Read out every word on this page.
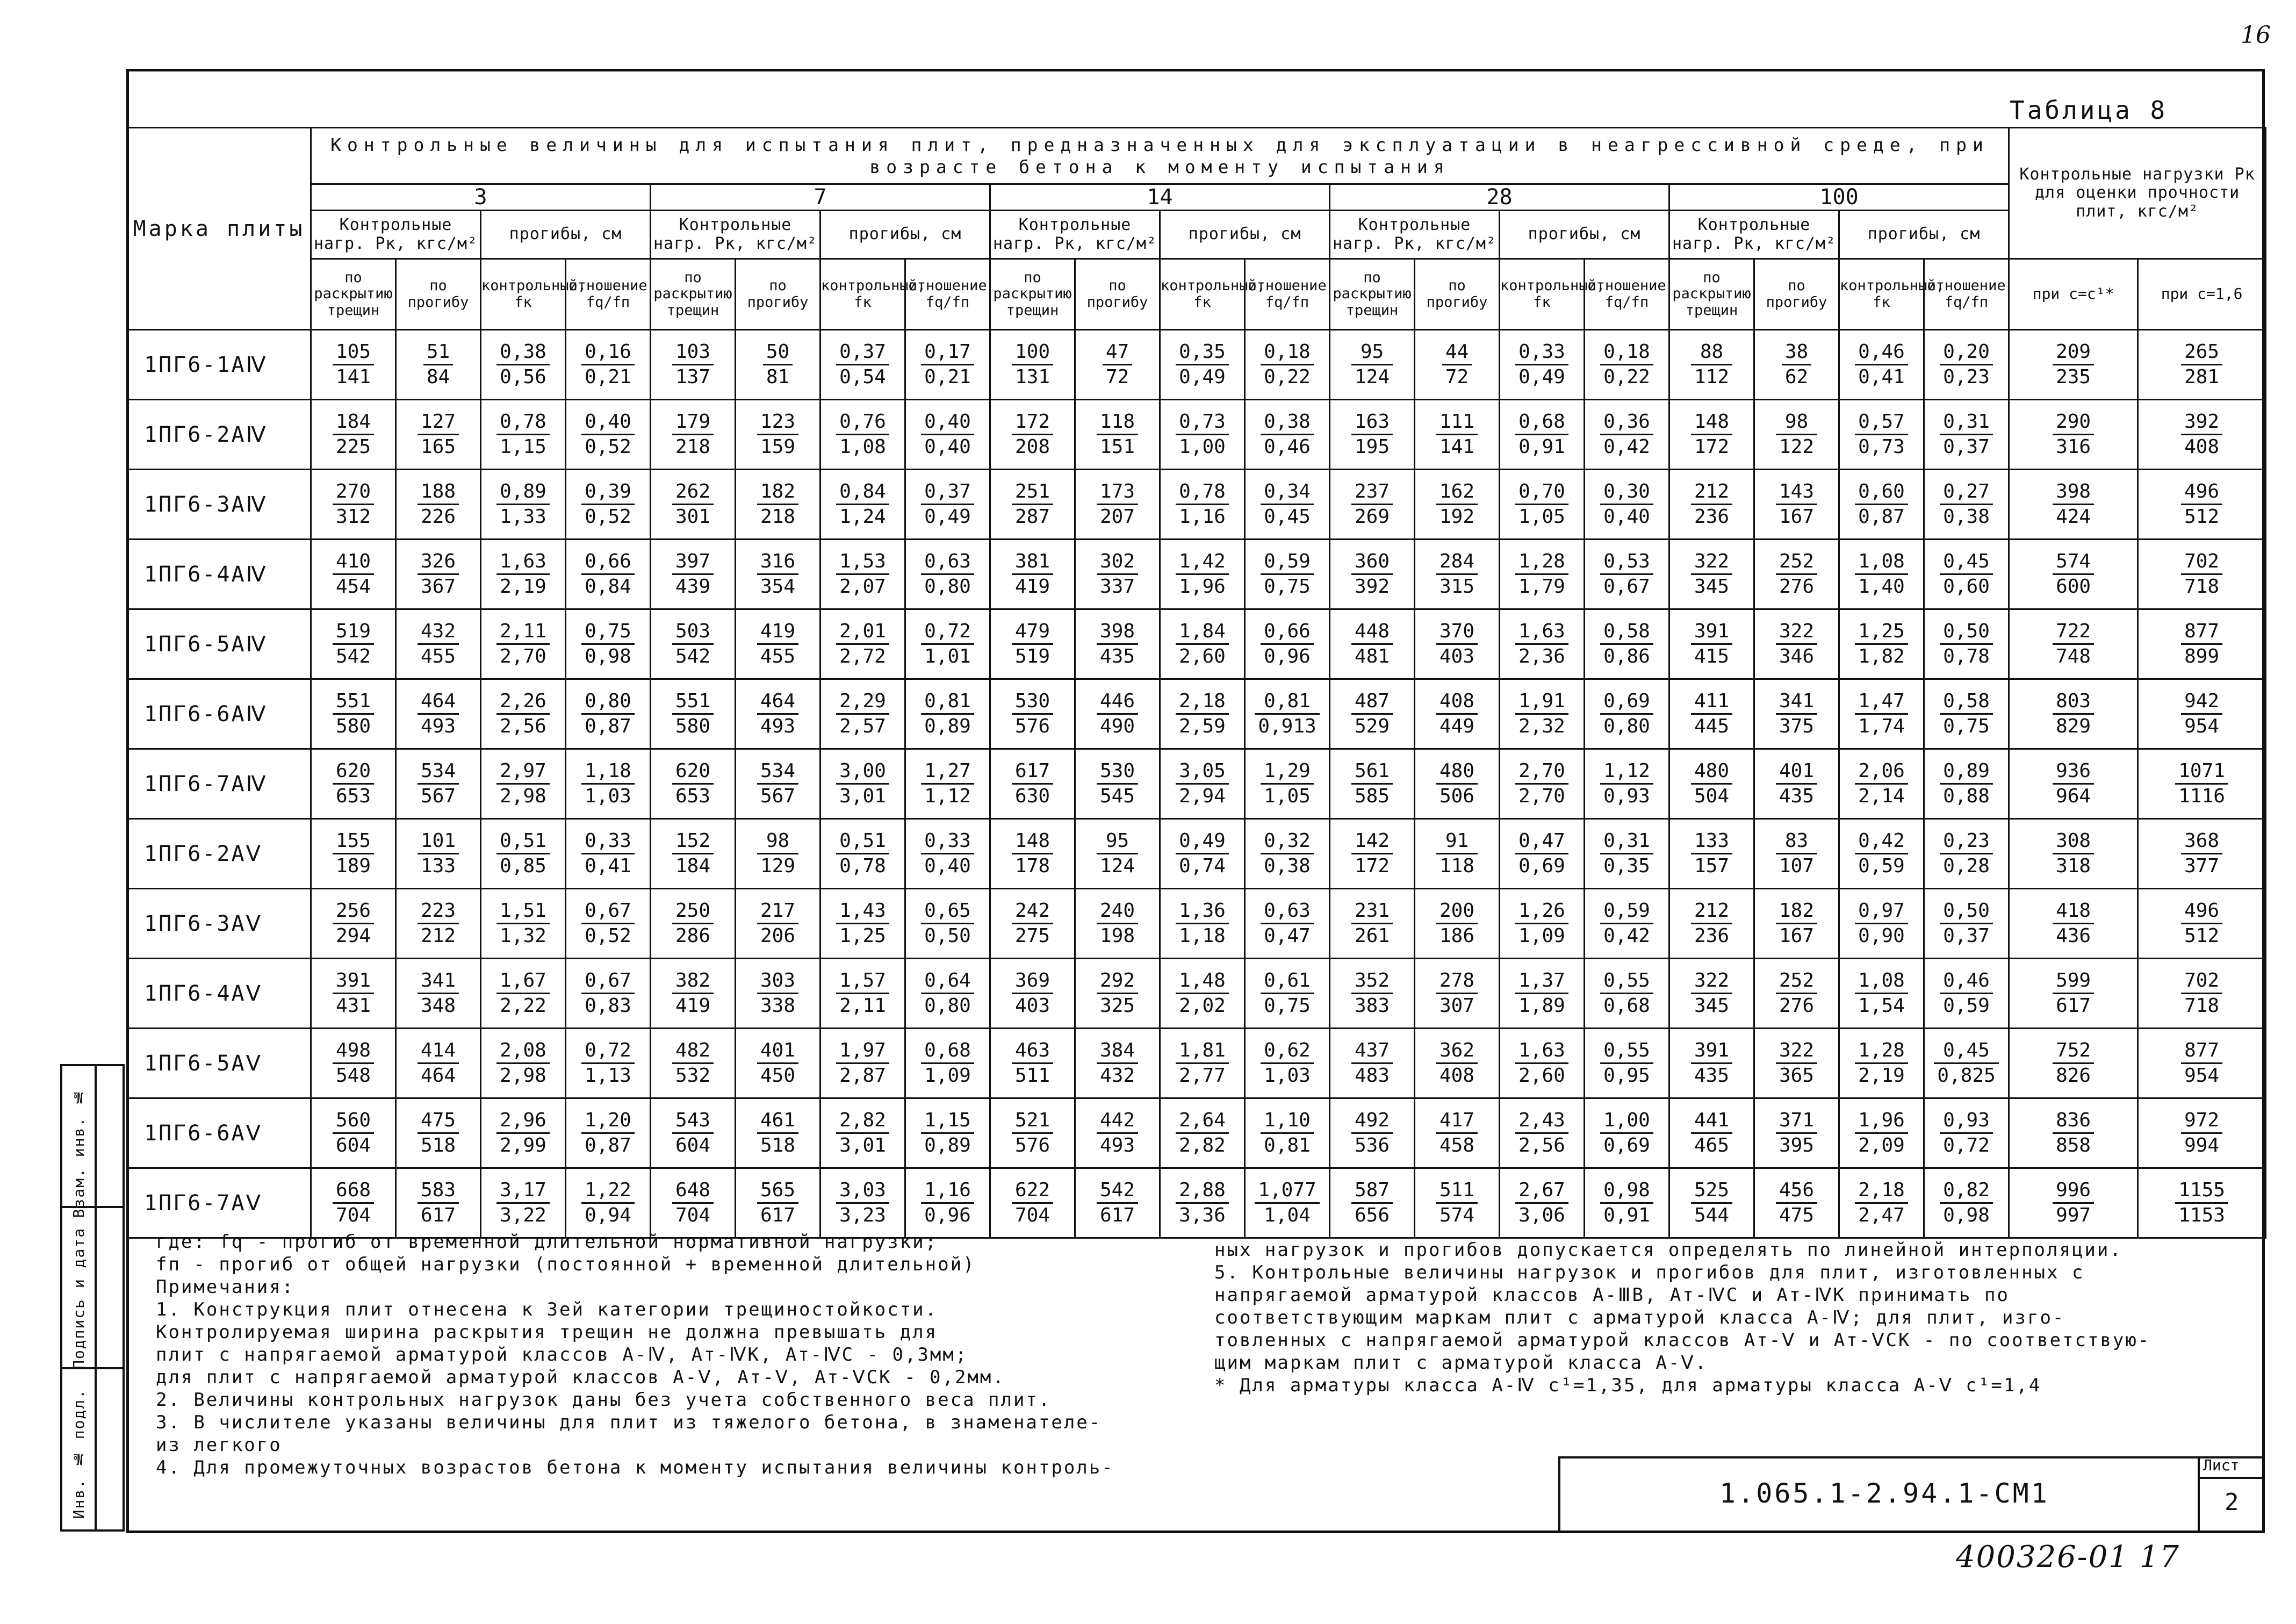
16
Таблица 8
Марка плиты	Контрольные величины для испытания плит, предназначенных для эксплуатации в неагрессивной среде, при возрасте бетона к моменту испытания																				Контрольные нагрузки Pк для оценки прочности плит, кгс/м²	
	3				7				14				28				100					
	Контрольные нагр. Pк, кгс/м²		прогибы, см		Контрольные нагр. Pк, кгс/м²		прогибы, см		Контрольные нагр. Pк, кгс/м²		прогибы, см		Контрольные нагр. Pк, кгс/м²		прогибы, см		Контрольные нагр. Pк, кгс/м²		прогибы, см			
	по раскрытию трещин	по прогибу	контрольный, fк	отношение fq/fп	по раскрытию трещин	по прогибу	контрольный, fк	отношение fq/fп	по раскрытию трещин	по прогибу	контрольный, fк	отношение fq/fп	по раскрытию трещин	по прогибу	контрольный, fк	отношение fq/fп	по раскрытию трещин	по прогибу	контрольный, fк	отношение fq/fп	при c=c¹*	при c=1,6
1ПГ6-1АⅣ	$\frac{105}{141}$	$\frac{51}{84}$	$\frac{0,38}{0,56}$	$\frac{0,16}{0,21}$	$\frac{103}{137}$	$\frac{50}{81}$	$\frac{0,37}{0,54}$	$\frac{0,17}{0,21}$	$\frac{100}{131}$	$\frac{47}{72}$	$\frac{0,35}{0,49}$	$\frac{0,18}{0,22}$	$\frac{95}{124}$	$\frac{44}{72}$	$\frac{0,33}{0,49}$	$\frac{0,18}{0,22}$	$\frac{88}{112}$	$\frac{38}{62}$	$\frac{0,46}{0,41}$	$\frac{0,20}{0,23}$	$\frac{209}{235}$	$\frac{265}{281}$

1ПГ6-2АⅣ	$\frac{184}{225}$	$\frac{127}{165}$	$\frac{0,78}{1,15}$	$\frac{0,40}{0,52}$	$\frac{179}{218}$	$\frac{123}{159}$	$\frac{0,76}{1,08}$	$\frac{0,40}{0,40}$	$\frac{172}{208}$	$\frac{118}{151}$	$\frac{0,73}{1,00}$	$\frac{0,38}{0,46}$	$\frac{163}{195}$	$\frac{111}{141}$	$\frac{0,68}{0,91}$	$\frac{0,36}{0,42}$	$\frac{148}{172}$	$\frac{98}{122}$	$\frac{0,57}{0,73}$	$\frac{0,31}{0,37}$	$\frac{290}{316}$	$\frac{392}{408}$

1ПГ6-3АⅣ	$\frac{270}{312}$	$\frac{188}{226}$	$\frac{0,89}{1,33}$	$\frac{0,39}{0,52}$	$\frac{262}{301}$	$\frac{182}{218}$	$\frac{0,84}{1,24}$	$\frac{0,37}{0,49}$	$\frac{251}{287}$	$\frac{173}{207}$	$\frac{0,78}{1,16}$	$\frac{0,34}{0,45}$	$\frac{237}{269}$	$\frac{162}{192}$	$\frac{0,70}{1,05}$	$\frac{0,30}{0,40}$	$\frac{212}{236}$	$\frac{143}{167}$	$\frac{0,60}{0,87}$	$\frac{0,27}{0,38}$	$\frac{398}{424}$	$\frac{496}{512}$

1ПГ6-4АⅣ	$\frac{410}{454}$	$\frac{326}{367}$	$\frac{1,63}{2,19}$	$\frac{0,66}{0,84}$	$\frac{397}{439}$	$\frac{316}{354}$	$\frac{1,53}{2,07}$	$\frac{0,63}{0,80}$	$\frac{381}{419}$	$\frac{302}{337}$	$\frac{1,42}{1,96}$	$\frac{0,59}{0,75}$	$\frac{360}{392}$	$\frac{284}{315}$	$\frac{1,28}{1,79}$	$\frac{0,53}{0,67}$	$\frac{322}{345}$	$\frac{252}{276}$	$\frac{1,08}{1,40}$	$\frac{0,45}{0,60}$	$\frac{574}{600}$	$\frac{702}{718}$

1ПГ6-5АⅣ	$\frac{519}{542}$	$\frac{432}{455}$	$\frac{2,11}{2,70}$	$\frac{0,75}{0,98}$	$\frac{503}{542}$	$\frac{419}{455}$	$\frac{2,01}{2,72}$	$\frac{0,72}{1,01}$	$\frac{479}{519}$	$\frac{398}{435}$	$\frac{1,84}{2,60}$	$\frac{0,66}{0,96}$	$\frac{448}{481}$	$\frac{370}{403}$	$\frac{1,63}{2,36}$	$\frac{0,58}{0,86}$	$\frac{391}{415}$	$\frac{322}{346}$	$\frac{1,25}{1,82}$	$\frac{0,50}{0,78}$	$\frac{722}{748}$	$\frac{877}{899}$

1ПГ6-6АⅣ	$\frac{551}{580}$	$\frac{464}{493}$	$\frac{2,26}{2,56}$	$\frac{0,80}{0,87}$	$\frac{551}{580}$	$\frac{464}{493}$	$\frac{2,29}{2,57}$	$\frac{0,81}{0,89}$	$\frac{530}{576}$	$\frac{446}{490}$	$\frac{2,18}{2,59}$	$\frac{0,81}{0,913}$	$\frac{487}{529}$	$\frac{408}{449}$	$\frac{1,91}{2,32}$	$\frac{0,69}{0,80}$	$\frac{411}{445}$	$\frac{341}{375}$	$\frac{1,47}{1,74}$	$\frac{0,58}{0,75}$	$\frac{803}{829}$	$\frac{942}{954}$

1ПГ6-7АⅣ	$\frac{620}{653}$	$\frac{534}{567}$	$\frac{2,97}{2,98}$	$\frac{1,18}{1,03}$	$\frac{620}{653}$	$\frac{534}{567}$	$\frac{3,00}{3,01}$	$\frac{1,27}{1,12}$	$\frac{617}{630}$	$\frac{530}{545}$	$\frac{3,05}{2,94}$	$\frac{1,29}{1,05}$	$\frac{561}{585}$	$\frac{480}{506}$	$\frac{2,70}{2,70}$	$\frac{1,12}{0,93}$	$\frac{480}{504}$	$\frac{401}{435}$	$\frac{2,06}{2,14}$	$\frac{0,89}{0,88}$	$\frac{936}{964}$	$\frac{1071}{1116}$

1ПГ6-2АⅤ	$\frac{155}{189}$	$\frac{101}{133}$	$\frac{0,51}{0,85}$	$\frac{0,33}{0,41}$	$\frac{152}{184}$	$\frac{98}{129}$	$\frac{0,51}{0,78}$	$\frac{0,33}{0,40}$	$\frac{148}{178}$	$\frac{95}{124}$	$\frac{0,49}{0,74}$	$\frac{0,32}{0,38}$	$\frac{142}{172}$	$\frac{91}{118}$	$\frac{0,47}{0,69}$	$\frac{0,31}{0,35}$	$\frac{133}{157}$	$\frac{83}{107}$	$\frac{0,42}{0,59}$	$\frac{0,23}{0,28}$	$\frac{308}{318}$	$\frac{368}{377}$

1ПГ6-3АⅤ	$\frac{256}{294}$	$\frac{223}{212}$	$\frac{1,51}{1,32}$	$\frac{0,67}{0,52}$	$\frac{250}{286}$	$\frac{217}{206}$	$\frac{1,43}{1,25}$	$\frac{0,65}{0,50}$	$\frac{242}{275}$	$\frac{240}{198}$	$\frac{1,36}{1,18}$	$\frac{0,63}{0,47}$	$\frac{231}{261}$	$\frac{200}{186}$	$\frac{1,26}{1,09}$	$\frac{0,59}{0,42}$	$\frac{212}{236}$	$\frac{182}{167}$	$\frac{0,97}{0,90}$	$\frac{0,50}{0,37}$	$\frac{418}{436}$	$\frac{496}{512}$

1ПГ6-4АⅤ	$\frac{391}{431}$	$\frac{341}{348}$	$\frac{1,67}{2,22}$	$\frac{0,67}{0,83}$	$\frac{382}{419}$	$\frac{303}{338}$	$\frac{1,57}{2,11}$	$\frac{0,64}{0,80}$	$\frac{369}{403}$	$\frac{292}{325}$	$\frac{1,48}{2,02}$	$\frac{0,61}{0,75}$	$\frac{352}{383}$	$\frac{278}{307}$	$\frac{1,37}{1,89}$	$\frac{0,55}{0,68}$	$\frac{322}{345}$	$\frac{252}{276}$	$\frac{1,08}{1,54}$	$\frac{0,46}{0,59}$	$\frac{599}{617}$	$\frac{702}{718}$

1ПГ6-5АⅤ	$\frac{498}{548}$	$\frac{414}{464}$	$\frac{2,08}{2,98}$	$\frac{0,72}{1,13}$	$\frac{482}{532}$	$\frac{401}{450}$	$\frac{1,97}{2,87}$	$\frac{0,68}{1,09}$	$\frac{463}{511}$	$\frac{384}{432}$	$\frac{1,81}{2,77}$	$\frac{0,62}{1,03}$	$\frac{437}{483}$	$\frac{362}{408}$	$\frac{1,63}{2,60}$	$\frac{0,55}{0,95}$	$\frac{391}{435}$	$\frac{322}{365}$	$\frac{1,28}{2,19}$	$\frac{0,45}{0,825}$	$\frac{752}{826}$	$\frac{877}{954}$

1ПГ6-6АⅤ	$\frac{560}{604}$	$\frac{475}{518}$	$\frac{2,96}{2,99}$	$\frac{1,20}{0,87}$	$\frac{543}{604}$	$\frac{461}{518}$	$\frac{2,82}{3,01}$	$\frac{1,15}{0,89}$	$\frac{521}{576}$	$\frac{442}{493}$	$\frac{2,64}{2,82}$	$\frac{1,10}{0,81}$	$\frac{492}{536}$	$\frac{417}{458}$	$\frac{2,43}{2,56}$	$\frac{1,00}{0,69}$	$\frac{441}{465}$	$\frac{371}{395}$	$\frac{1,96}{2,09}$	$\frac{0,93}{0,72}$	$\frac{836}{858}$	$\frac{972}{994}$

1ПГ6-7АⅤ	$\frac{668}{704}$	$\frac{583}{617}$	$\frac{3,17}{3,22}$	$\frac{1,22}{0,94}$	$\frac{648}{704}$	$\frac{565}{617}$	$\frac{3,03}{3,23}$	$\frac{1,16}{0,96}$	$\frac{622}{704}$	$\frac{542}{617}$	$\frac{2,88}{3,36}$	$\frac{1,077}{1,04}$	$\frac{587}{656}$	$\frac{511}{574}$	$\frac{2,67}{3,06}$	$\frac{0,98}{0,91}$	$\frac{525}{544}$	$\frac{456}{475}$	$\frac{2,18}{2,47}$	$\frac{0,82}{0,98}$	$\frac{996}{997}$	$\frac{1155}{1153}$
где: fq - прогиб от временной длительной нормативной нагрузки;
fп - прогиб от общей нагрузки (постоянной + временной длительной)
Примечания:
1. Конструкция плит отнесена к 3ей категории трещиностойкости.
Контролируемая ширина раскрытия трещин не должна превышать для
плит с напрягаемой арматурой классов А-Ⅳ, Ат-ⅣК, Ат-ⅣС - 0,3мм;
для плит с напрягаемой арматурой классов А-Ⅴ, Ат-Ⅴ, Ат-ⅤСК - 0,2мм.
2. Величины контрольных нагрузок даны без учета собственного веса плит.
3. В числителе указаны величины для плит из тяжелого бетона, в знаменателе-
из легкого
4. Для промежуточных возрастов бетона к моменту испытания величины контроль-
ных нагрузок и прогибов допускается определять по линейной интерполяции.
5. Контрольные величины нагрузок и прогибов для плит, изготовленных с
напрягаемой арматурой классов А-ⅢВ, Ат-ⅣС и Ат-ⅣК принимать по
соответствующим маркам плит с арматурой класса А-Ⅳ; для плит, изго-
товленных с напрягаемой арматурой классов Ат-Ⅴ и Ат-ⅤСК - по соответствую-
щим маркам плит с арматурой класса А-Ⅴ.
* Для арматуры класса А-Ⅳ c¹=1,35, для арматуры класса А-Ⅴ c¹=1,4
Взам. инв. №
Подпись и дата
Инв. № подл.	1.065.1-2.94.1-СМ1
Лист
2
400326-01 17
